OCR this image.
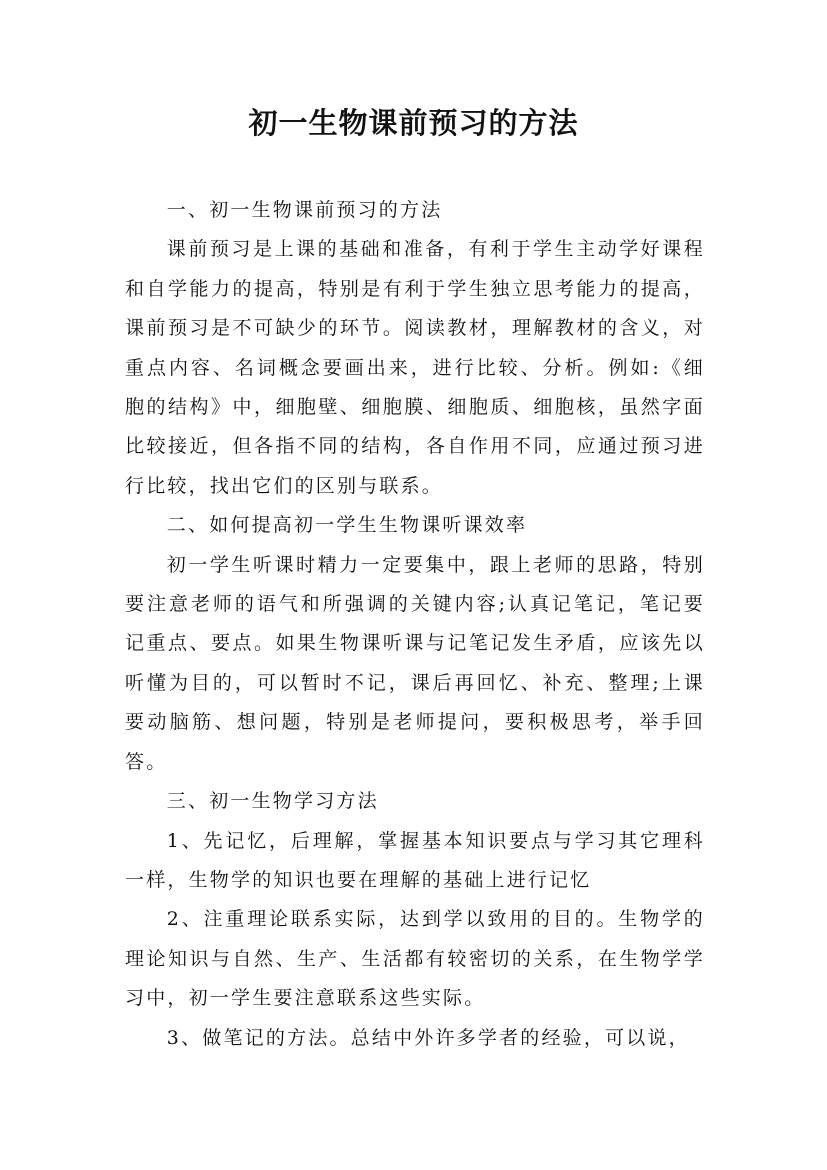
初一生物课前预习的方法

一、初一生物课前预习的方法

课前预习是上课的基础和准备，有利于学生主动学好课程和自学能力的提高，特别是有利于学生独立思考能力的提高，课前预习是不可缺少的环节。阅读教材，理解教材的含义，对重点内容、名词概念要画出来，进行比较、分析。例如:《细胞的结构》中，细胞壁、细胞膜、细胞质、细胞核，虽然字面比较接近，但各指不同的结构，各自作用不同，应通过预习进行比较，找出它们的区别与联系。

二、如何提高初一学生生物课听课效率

初一学生听课时精力一定要集中，跟上老师的思路，特别要注意老师的语气和所强调的关键内容;认真记笔记，笔记要记重点、要点。如果生物课听课与记笔记发生矛盾，应该先以听懂为目的，可以暂时不记，课后再回忆、补充、整理;上课要动脑筋、想问题，特别是老师提问，要积极思考，举手回答。

三、初一生物学习方法

1、先记忆，后理解，掌握基本知识要点与学习其它理科一样，生物学的知识也要在理解的基础上进行记忆

2、注重理论联系实际，达到学以致用的目的。生物学的理论知识与自然、生产、生活都有较密切的关系，在生物学学习中，初一学生要注意联系这些实际。

3、做笔记的方法。总结中外许多学者的经验，可以说，
